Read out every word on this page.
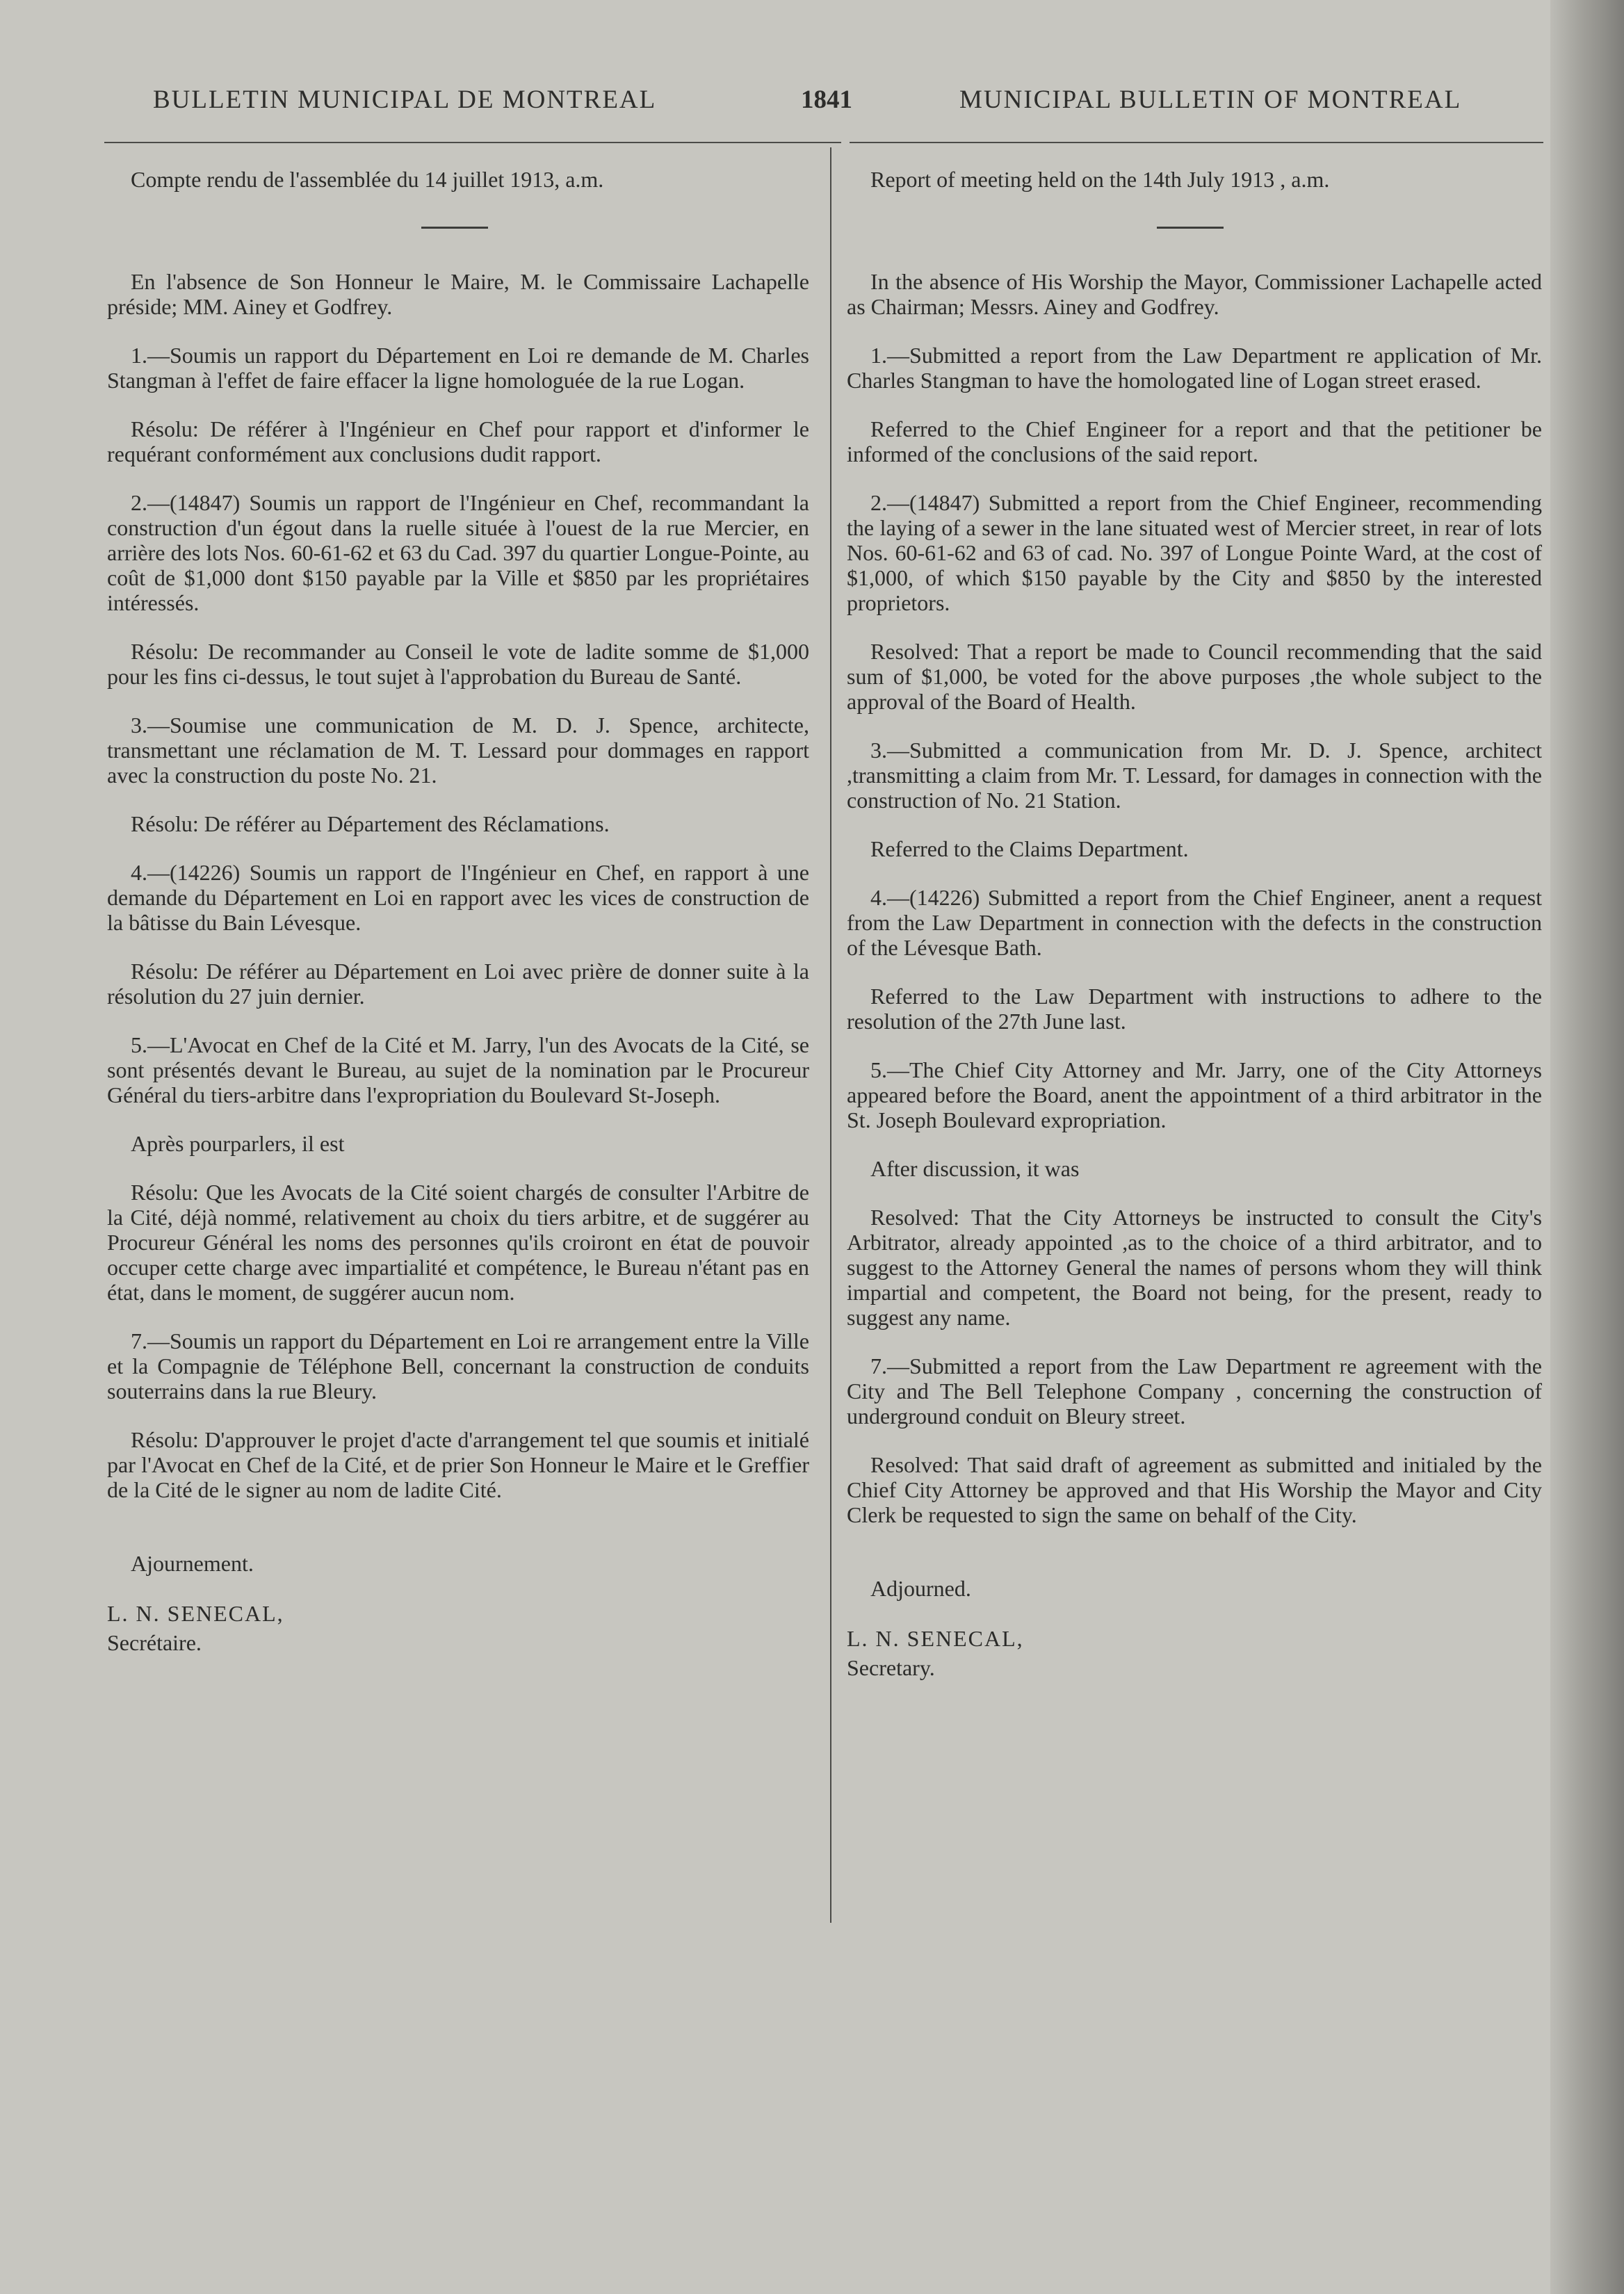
BULLETIN MUNICIPAL DE MONTREAL	1841	MUNICIPAL BULLETIN OF MONTREAL

Compte rendu de l'assemblée du 14 juillet 1913, a.m.

En l'absence de Son Honneur le Maire, M. le Commissaire Lachapelle préside; MM. Ainey et Godfrey.

1.—Soumis un rapport du Département en Loi re demande de M. Charles Stangman à l'effet de faire effacer la ligne homologuée de la rue Logan.

Résolu: De référer à l'Ingénieur en Chef pour rapport et d'informer le requérant conformément aux conclusions dudit rapport.

2.—(14847) Soumis un rapport de l'Ingénieur en Chef, recommandant la construction d'un égout dans la ruelle située à l'ouest de la rue Mercier, en arrière des lots Nos. 60-61-62 et 63 du Cad. 397 du quartier Longue-Pointe, au coût de $1,000 dont $150 payable par la Ville et $850 par les propriétaires intéressés.

Résolu: De recommander au Conseil le vote de ladite somme de $1,000 pour les fins ci-dessus, le tout sujet à l'approbation du Bureau de Santé.

3.—Soumise une communication de M. D. J. Spence, architecte, transmettant une réclamation de M. T. Lessard pour dommages en rapport avec la construction du poste No. 21.

Résolu: De référer au Département des Réclamations.

4.—(14226) Soumis un rapport de l'Ingénieur en Chef, en rapport à une demande du Département en Loi en rapport avec les vices de construction de la bâtisse du Bain Lévesque.

Résolu: De référer au Département en Loi avec prière de donner suite à la résolution du 27 juin dernier.

5.—L'Avocat en Chef de la Cité et M. Jarry, l'un des Avocats de la Cité, se sont présentés devant le Bureau, au sujet de la nomination par le Procureur Général du tiers-arbitre dans l'expropriation du Boulevard St-Joseph.

Après pourparlers, il est

Résolu: Que les Avocats de la Cité soient chargés de consulter l'Arbitre de la Cité, déjà nommé, relativement au choix du tiers arbitre, et de suggérer au Procureur Général les noms des personnes qu'ils croiront en état de pouvoir occuper cette charge avec impartialité et compétence, le Bureau n'étant pas en état, dans le moment, de suggérer aucun nom.

7.—Soumis un rapport du Département en Loi re arrangement entre la Ville et la Compagnie de Téléphone Bell, concernant la construction de conduits souterrains dans la rue Bleury.

Résolu: D'approuver le projet d'acte d'arrangement tel que soumis et initialé par l'Avocat en Chef de la Cité, et de prier Son Honneur le Maire et le Greffier de la Cité de le signer au nom de ladite Cité.

Ajournement.

L. N. SENECAL,

Secrétaire.

Report of meeting held on the 14th July 1913 , a.m.

In the absence of His Worship the Mayor, Commissioner Lachapelle acted as Chairman; Messrs. Ainey and Godfrey.

1.—Submitted a report from the Law Department re application of Mr. Charles Stangman to have the homologated line of Logan street erased.

Referred to the Chief Engineer for a report and that the petitioner be informed of the conclusions of the said report.

2.—(14847) Submitted a report from the Chief Engineer, recommending the laying of a sewer in the lane situated west of Mercier street, in rear of lots Nos. 60-61-62 and 63 of cad. No. 397 of Longue Pointe Ward, at the cost of $1,000, of which $150 payable by the City and $850 by the interested proprietors.

Resolved: That a report be made to Council recommending that the said sum of $1,000, be voted for the above purposes ,the whole subject to the approval of the Board of Health.

3.—Submitted a communication from Mr. D. J. Spence, architect ,transmitting a claim from Mr. T. Lessard, for damages in connection with the construction of No. 21 Station.

Referred to the Claims Department.

4.—(14226) Submitted a report from the Chief Engineer, anent a request from the Law Department in connection with the defects in the construction of the Lévesque Bath.

Referred to the Law Department with instructions to adhere to the resolution of the 27th June last.

5.—The Chief City Attorney and Mr. Jarry, one of the City Attorneys appeared before the Board, anent the appointment of a third arbitrator in the St. Joseph Boulevard expropriation.

After discussion, it was

Resolved: That the City Attorneys be instructed to consult the City's Arbitrator, already appointed ,as to the choice of a third arbitrator, and to suggest to the Attorney General the names of persons whom they will think impartial and competent, the Board not being, for the present, ready to suggest any name.

7.—Submitted a report from the Law Department re agreement with the City and The Bell Telephone Company , concerning the construction of underground conduit on Bleury street.

Resolved: That said draft of agreement as submitted and initialed by the Chief City Attorney be approved and that His Worship the Mayor and City Clerk be requested to sign the same on behalf of the City.

Adjourned.

L. N. SENECAL,

Secretary.
